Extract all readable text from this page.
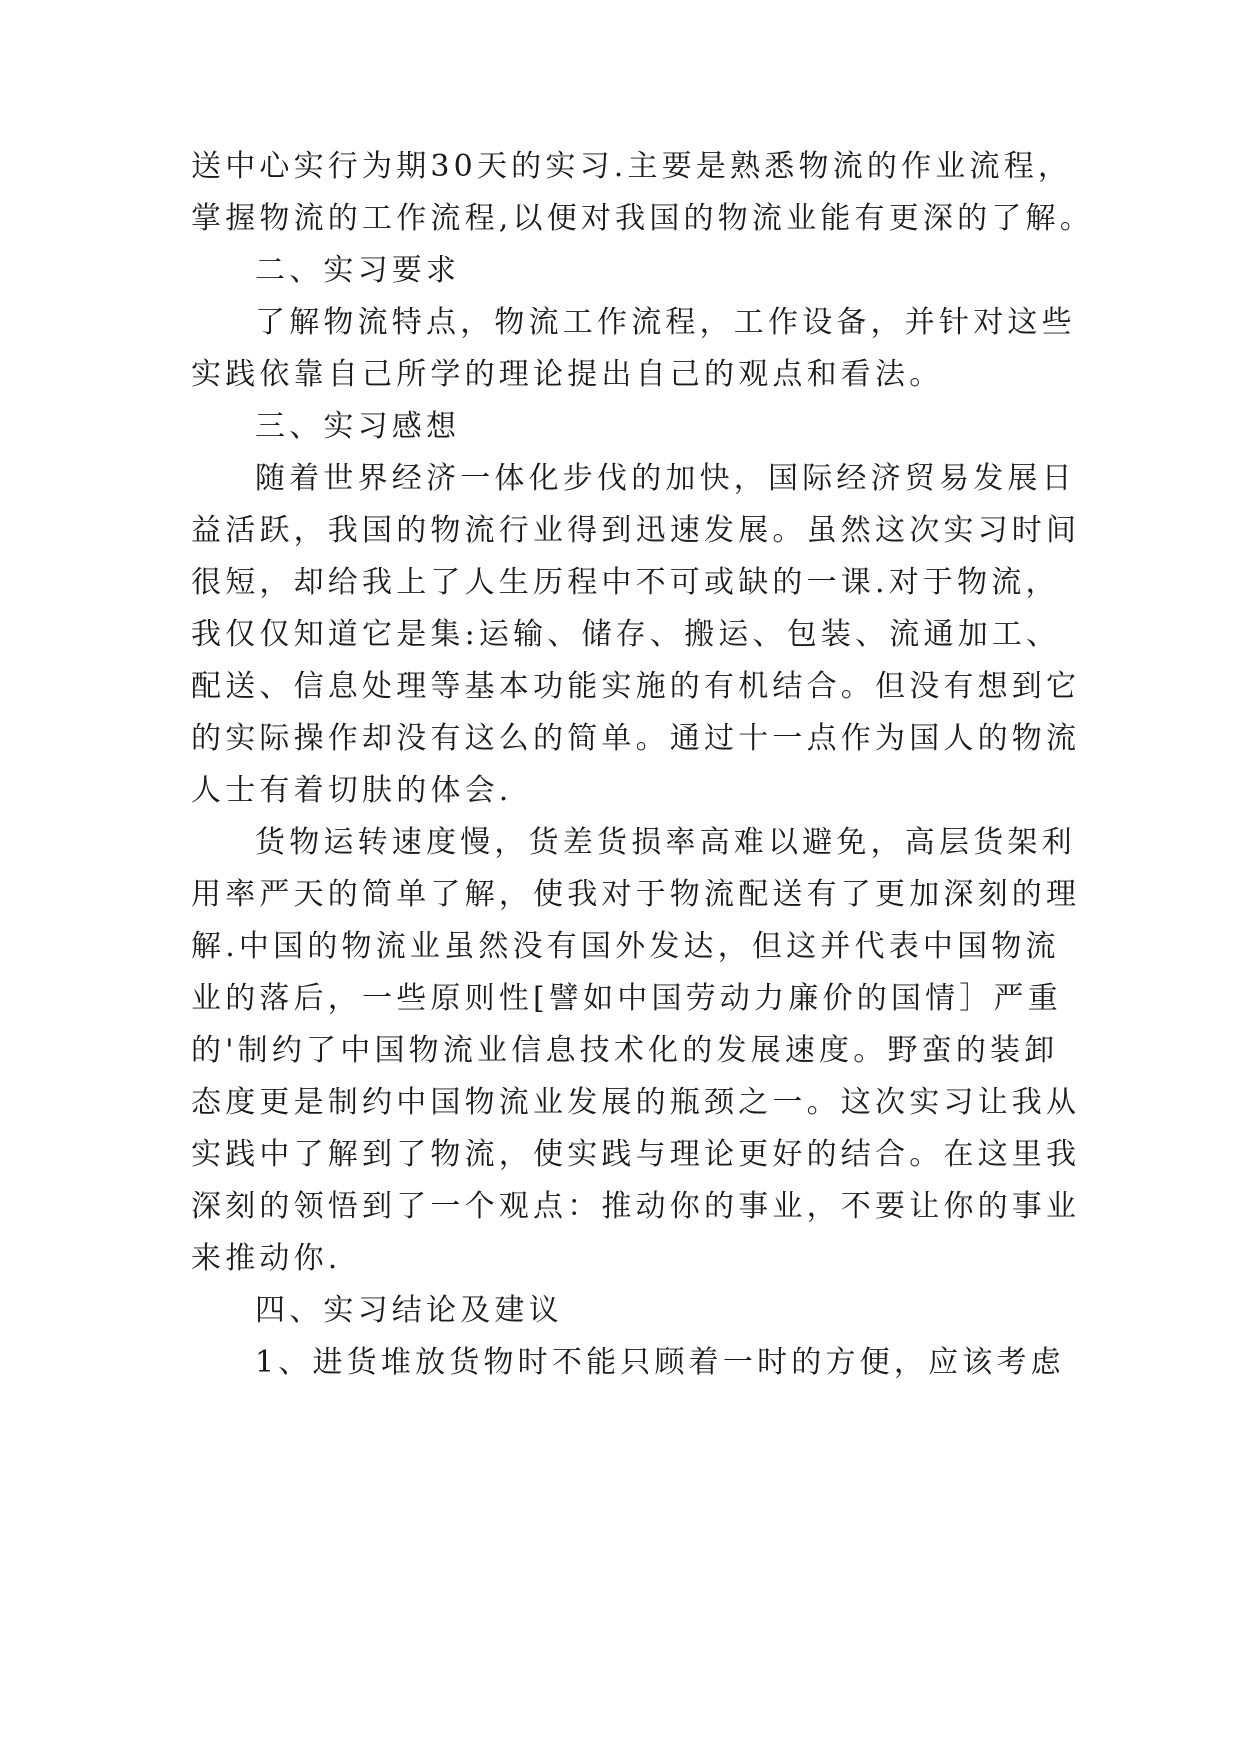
送中心实行为期30天的实习.主要是熟悉物流的作业流程，
掌握物流的工作流程,以便对我国的物流业能有更深的了解。
二、实习要求
了解物流特点，物流工作流程，工作设备，并针对这些
实践依靠自己所学的理论提出自己的观点和看法。
三、实习感想
随着世界经济一体化步伐的加快，国际经济贸易发展日
益活跃，我国的物流行业得到迅速发展。虽然这次实习时间
很短，却给我上了人生历程中不可或缺的一课.对于物流，
我仅仅知道它是集:运输、储存、搬运、包装、流通加工、
配送、信息处理等基本功能实施的有机结合。但没有想到它
的实际操作却没有这么的简单。通过十一点作为国人的物流
人士有着切肤的体会.
货物运转速度慢，货差货损率高难以避免，高层货架利
用率严天的简单了解，使我对于物流配送有了更加深刻的理
解.中国的物流业虽然没有国外发达，但这并代表中国物流
业的落后，一些原则性[譬如中国劳动力廉价的国情］严重
的'制约了中国物流业信息技术化的发展速度。野蛮的装卸
态度更是制约中国物流业发展的瓶颈之一。这次实习让我从
实践中了解到了物流，使实践与理论更好的结合。在这里我
深刻的领悟到了一个观点：推动你的事业，不要让你的事业
来推动你.
四、实习结论及建议
1、进货堆放货物时不能只顾着一时的方便，应该考虑
